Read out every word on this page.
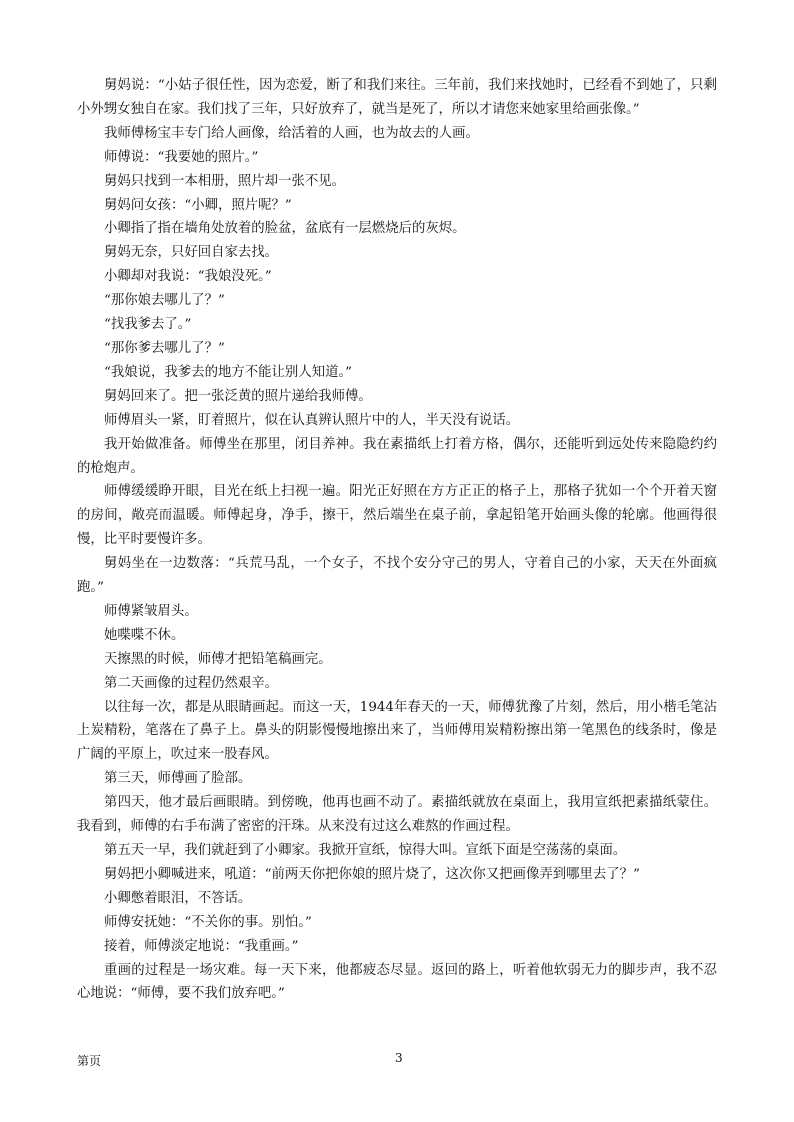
舅妈说：“小姑子很任性，因为恋爱，断了和我们来往。三年前，我们来找她时，已经看不到她了，只剩小外甥女独自在家。我们找了三年，只好放弃了，就当是死了，所以才请您来她家里给画张像。”

我师傅杨宝丰专门给人画像，给活着的人画，也为故去的人画。

师傅说：“我要她的照片。”

舅妈只找到一本相册，照片却一张不见。

舅妈问女孩：“小卿，照片呢？”

小卿指了指在墙角处放着的脸盆，盆底有一层燃烧后的灰烬。

舅妈无奈，只好回自家去找。

小卿却对我说：“我娘没死。”

“那你娘去哪儿了？”

“找我爹去了。”

“那你爹去哪儿了？”

“我娘说，我爹去的地方不能让别人知道。”

舅妈回来了。把一张泛黄的照片递给我师傅。

师傅眉头一紧，盯着照片，似在认真辨认照片中的人，半天没有说话。

我开始做准备。师傅坐在那里，闭目养神。我在素描纸上打着方格，偶尔，还能听到远处传来隐隐约约的枪炮声。

师傅缓缓睁开眼，目光在纸上扫视一遍。阳光正好照在方方正正的格子上，那格子犹如一个个开着天窗的房间，敞亮而温暖。师傅起身，净手，擦干，然后端坐在桌子前，拿起铅笔开始画头像的轮廓。他画得很慢，比平时要慢许多。

舅妈坐在一边数落：“兵荒马乱，一个女子，不找个安分守己的男人，守着自己的小家，天天在外面疯跑。”

师傅紧皱眉头。

她喋喋不休。

天擦黑的时候，师傅才把铅笔稿画完。

第二天画像的过程仍然艰辛。

以往每一次，都是从眼睛画起。而这一天，1944年春天的一天，师傅犹豫了片刻，然后，用小楷毛笔沾上炭精粉，笔落在了鼻子上。鼻头的阴影慢慢地擦出来了，当师傅用炭精粉擦出第一笔黑色的线条时，像是广阔的平原上，吹过来一股春风。

第三天，师傅画了脸部。

第四天，他才最后画眼睛。到傍晚，他再也画不动了。素描纸就放在桌面上，我用宣纸把素描纸蒙住。我看到，师傅的右手布满了密密的汗珠。从来没有过这么难熬的作画过程。

第五天一早，我们就赶到了小卿家。我掀开宣纸，惊得大叫。宣纸下面是空荡荡的桌面。

舅妈把小卿喊进来，吼道：“前两天你把你娘的照片烧了，这次你又把画像弄到哪里去了？”

小卿憋着眼泪，不答话。

师傅安抚她：“不关你的事。别怕。”

接着，师傅淡定地说：“我重画。”

重画的过程是一场灾难。每一天下来，他都疲态尽显。返回的路上，听着他软弱无力的脚步声，我不忍心地说：“师傅，要不我们放弃吧。”

第页	3
